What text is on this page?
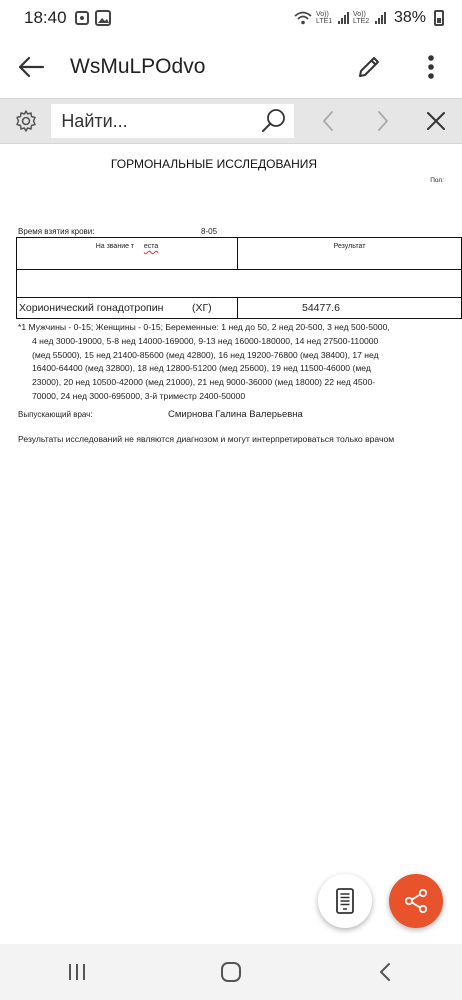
18:40	Vo)) LTE1
Vo)) LTE2 38%
WsMuLPOdvo
Найти...
ГОРМОНАЛЬНЫЕ ИССЛЕДОВАНИЯ
Пол:
Время взятия крови:	8-05
На звание т еста	Результат
Хорионический гонадотропин	(ХГ)	54477.6
*1 Мужчины - 0-15; Женщины - 0-15; Беременные: 1 нед до 50, 2 нед 20-500, 3 нед 500-5000,
4 нед 3000-19000, 5-8 нед 14000-169000, 9-13 нед 16000-180000, 14 нед 27500-110000
(мед 55000), 15 нед 21400-85600 (мед 42800), 16 нед 19200-76800 (мед 38400), 17 нед
16400-64400 (мед 32800), 18 нед 12800-51200 (мед 25600), 19 нед 11500-46000 (мед
23000), 20 нед 10500-42000 (мед 21000), 21 нед 9000-36000 (мед 18000) 22 нед 4500-
70000, 24 нед 3000-695000, 3-й триместр 2400-50000
Выпускающий врач:	Смирнова Галина Валерьевна
Результаты исследований не являются диагнозом и могут интерпретироваться только врачом
